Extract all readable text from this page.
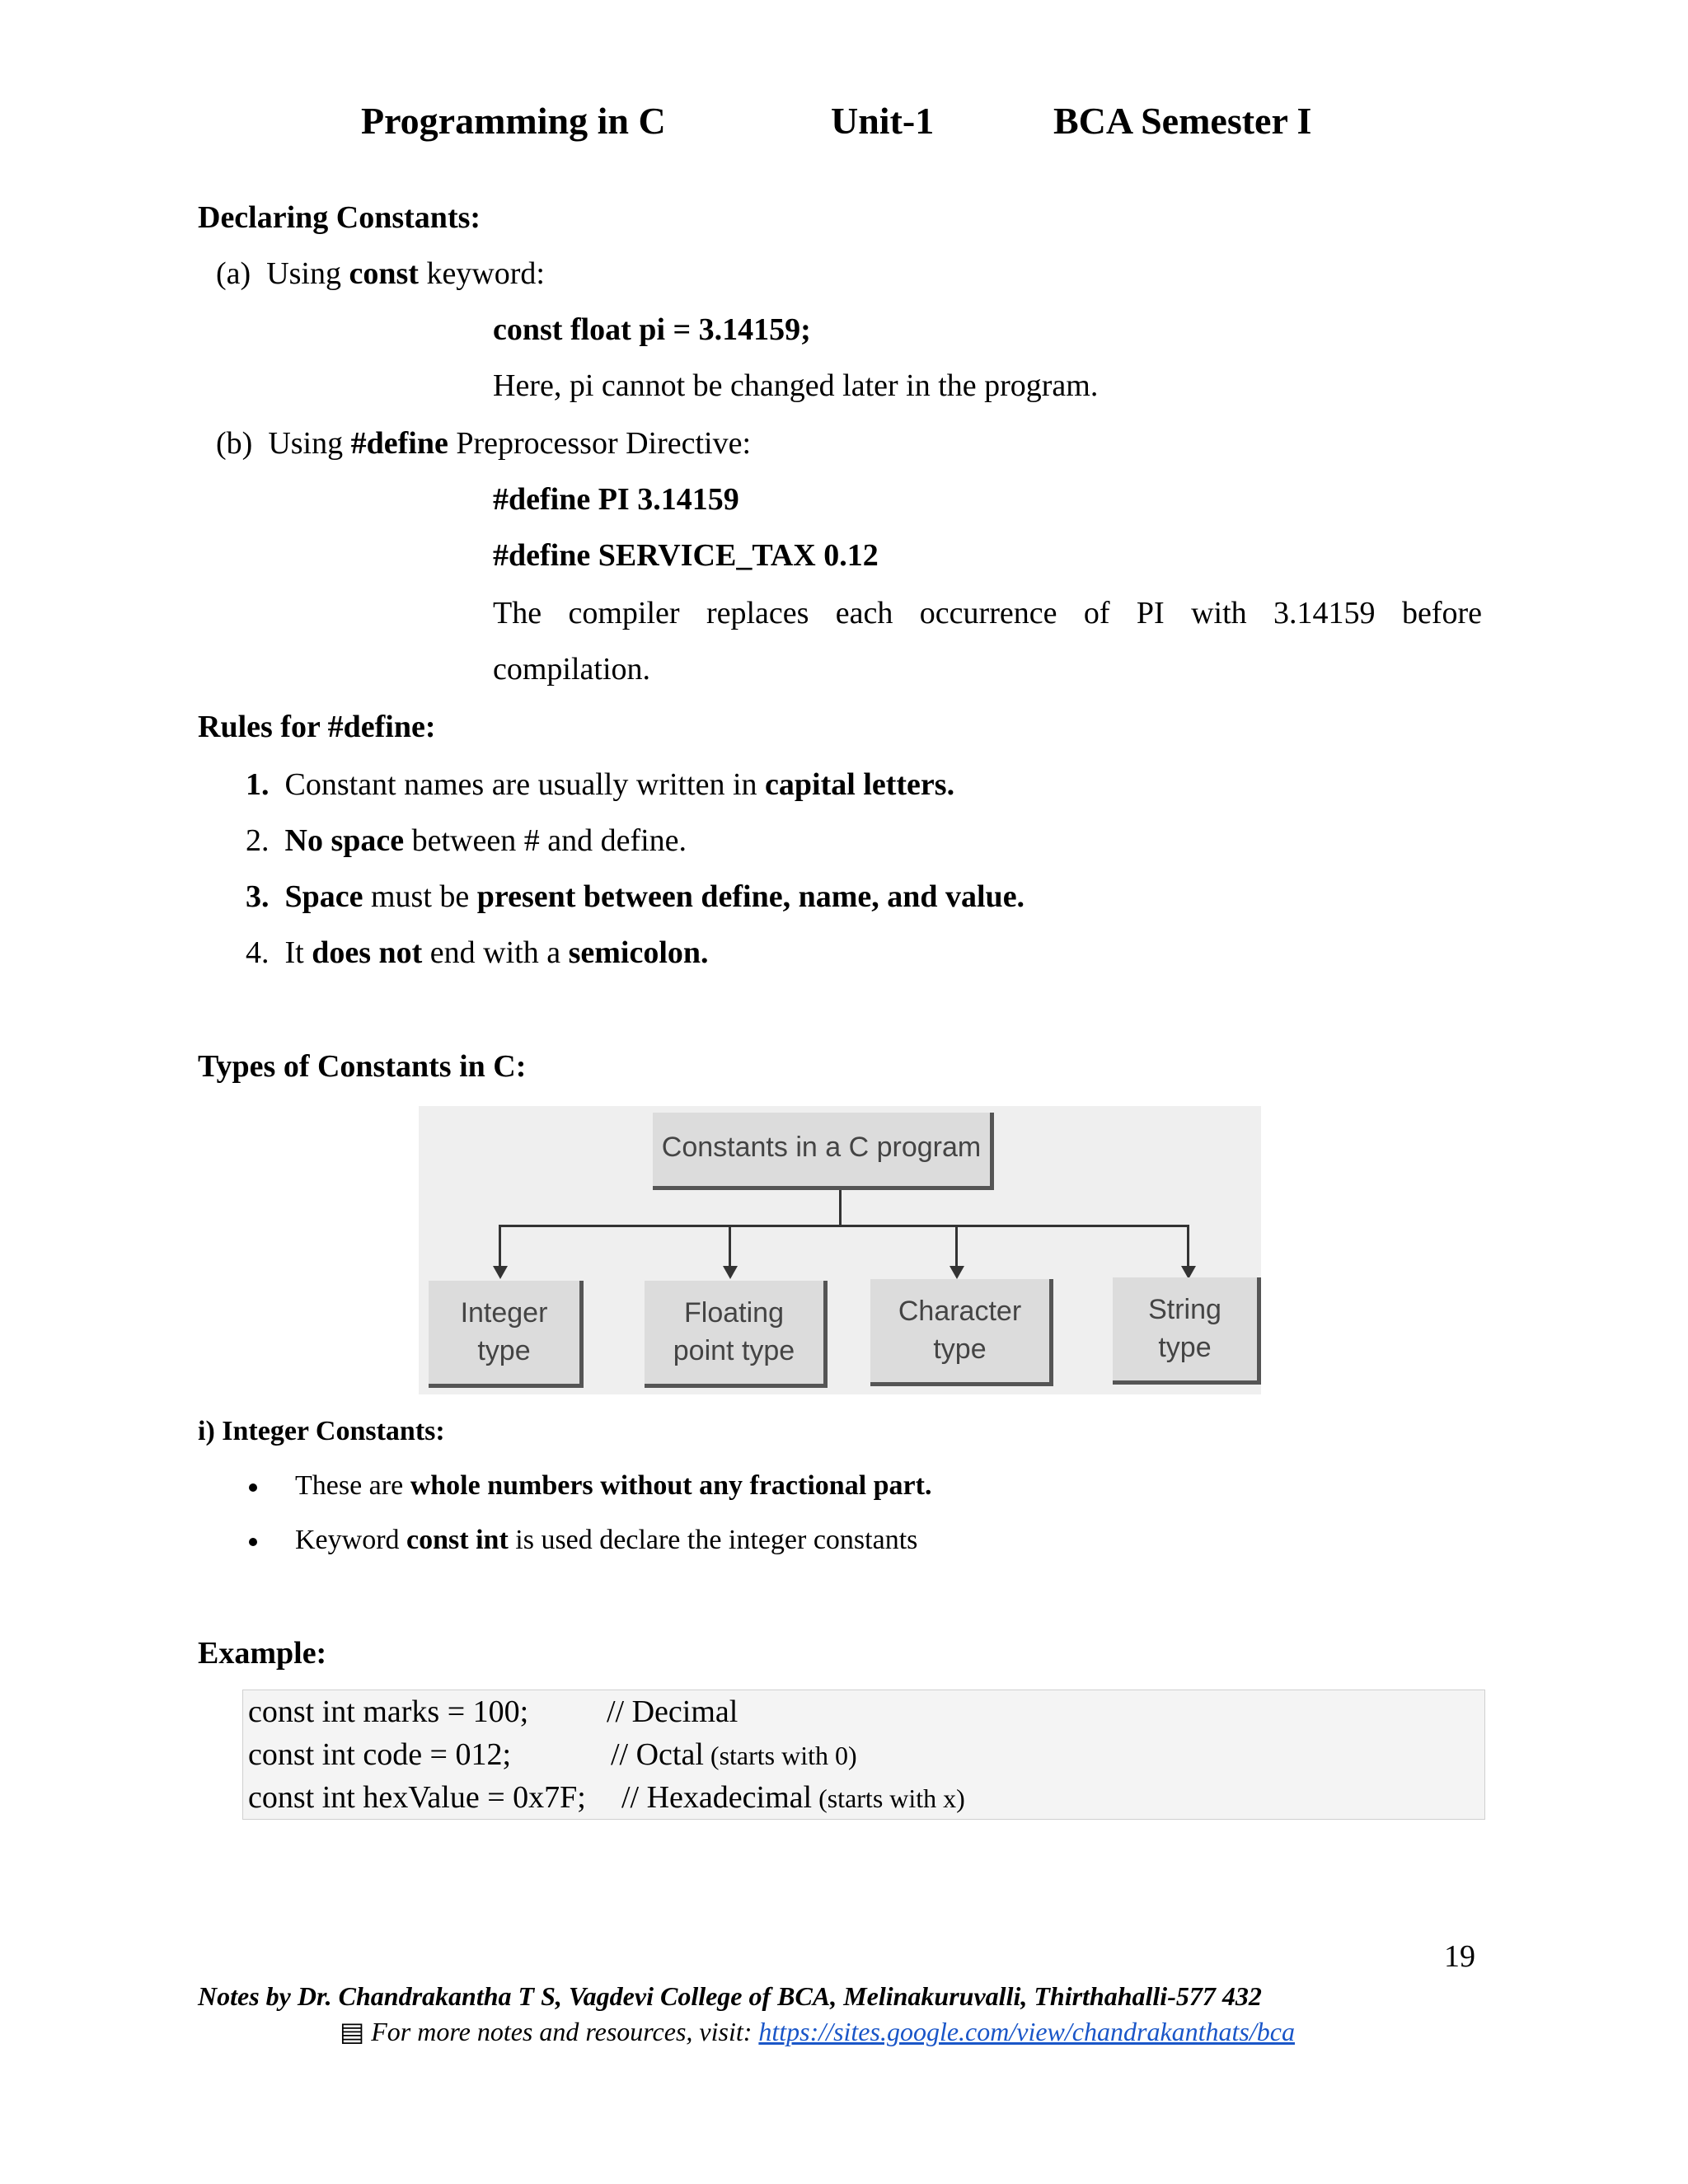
Programming in C	Unit-1	BCA Semester I
Declaring Constants:
(a) Using const keyword:
const float pi = 3.14159;
Here, pi cannot be changed later in the program.
(b) Using #define Preprocessor Directive:
#define PI 3.14159
#define SERVICE_TAX 0.12
The compiler replaces each occurrence of PI with 3.14159 before
compilation.
Rules for #define:
1. Constant names are usually written in capital letters.
2. No space between # and define.
3. Space must be present between define, name, and value.
4. It does not end with a semicolon.
Types of Constants in C:

Constants in a C program
Integer
type
Floating
point type
Character
type
String
type
i) Integer Constants:
These are whole numbers without any fractional part.
Keyword const int is used declare the integer constants
Example:
const int marks = 100; // Decimal
const int code = 012;	// Octal (starts with 0)
const int hexValue = 0x7F; // Hexadecimal (starts with x)
19
Notes by Dr. Chandrakantha T S, Vagdevi College of BCA, Melinakuruvalli, Thirthahalli-577 432
▤ For more notes and resources, visit: https://sites.google.com/view/chandrakanthats/bca
